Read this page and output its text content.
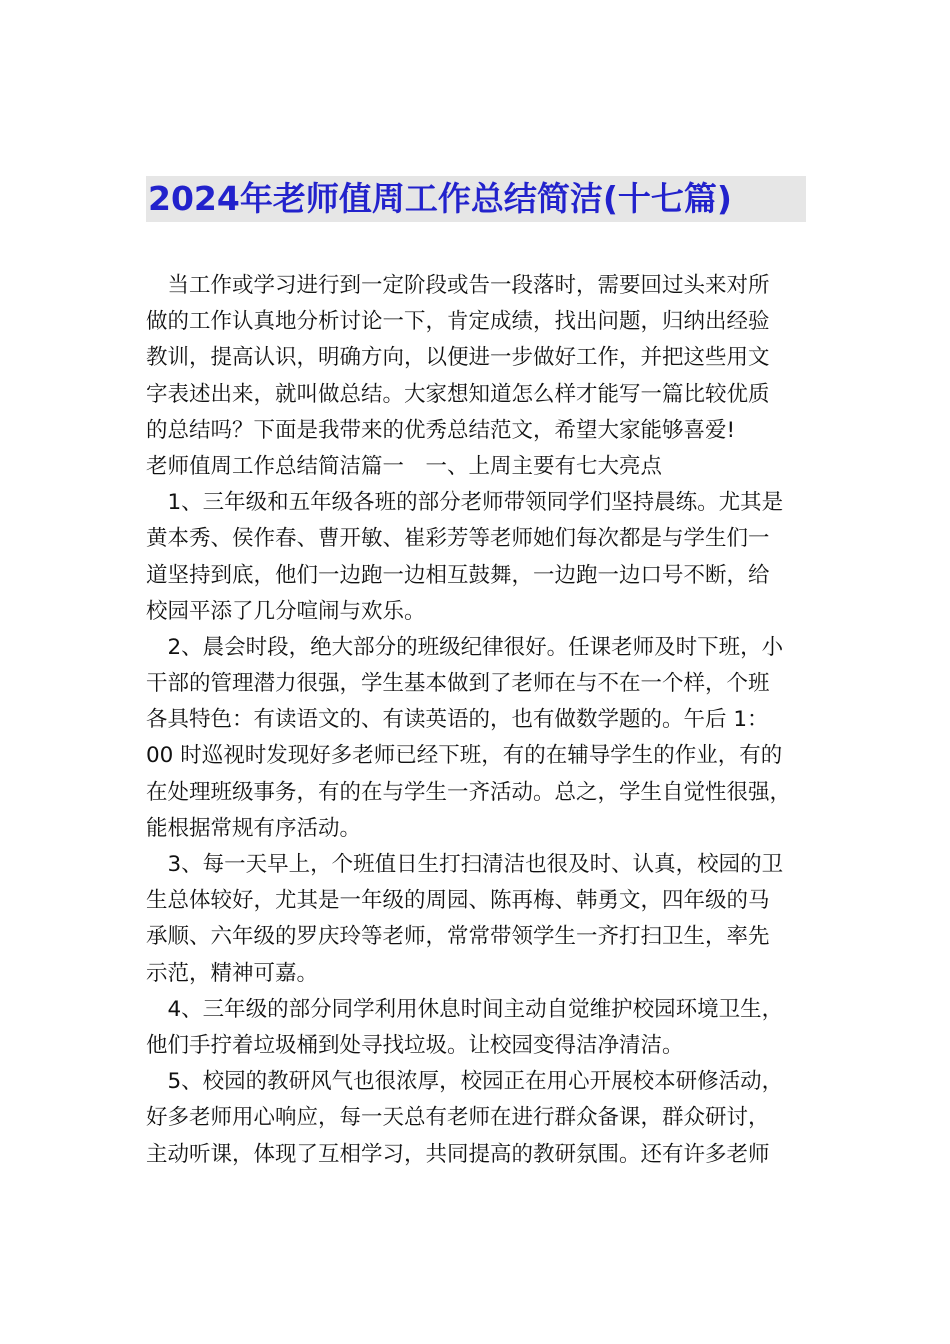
2024年老师值周工作总结简洁(十七篇)
　当工作或学习进行到一定阶段或告一段落时，需要回过头来对所
做的工作认真地分析讨论一下，肯定成绩，找出问题，归纳出经验
教训，提高认识，明确方向，以便进一步做好工作，并把这些用文
字表述出来，就叫做总结。大家想知道怎么样才能写一篇比较优质
的总结吗？下面是我带来的优秀总结范文，希望大家能够喜爱!
老师值周工作总结简洁篇一　一、上周主要有七大亮点
　1、三年级和五年级各班的部分老师带领同学们坚持晨练。尤其是
黄本秀、侯作春、曹开敏、崔彩芳等老师她们每次都是与学生们一
道坚持到底，他们一边跑一边相互鼓舞，一边跑一边口号不断，给
校园平添了几分喧闹与欢乐。
　2、晨会时段，绝大部分的班级纪律很好。任课老师及时下班，小
干部的管理潜力很强，学生基本做到了老师在与不在一个样，个班
各具特色：有读语文的、有读英语的，也有做数学题的。午后 1：
00 时巡视时发现好多老师已经下班，有的在辅导学生的作业，有的
在处理班级事务，有的在与学生一齐活动。总之，学生自觉性很强，
能根据常规有序活动。
　3、每一天早上，个班值日生打扫清洁也很及时、认真，校园的卫
生总体较好，尤其是一年级的周园、陈再梅、韩勇文，四年级的马
承顺、六年级的罗庆玲等老师，常常带领学生一齐打扫卫生，率先
示范，精神可嘉。
　4、三年级的部分同学利用休息时间主动自觉维护校园环境卫生，
他们手拧着垃圾桶到处寻找垃圾。让校园变得洁净清洁。
　5、校园的教研风气也很浓厚，校园正在用心开展校本研修活动，
好多老师用心响应，每一天总有老师在进行群众备课，群众研讨，
主动听课，体现了互相学习，共同提高的教研氛围。还有许多老师
